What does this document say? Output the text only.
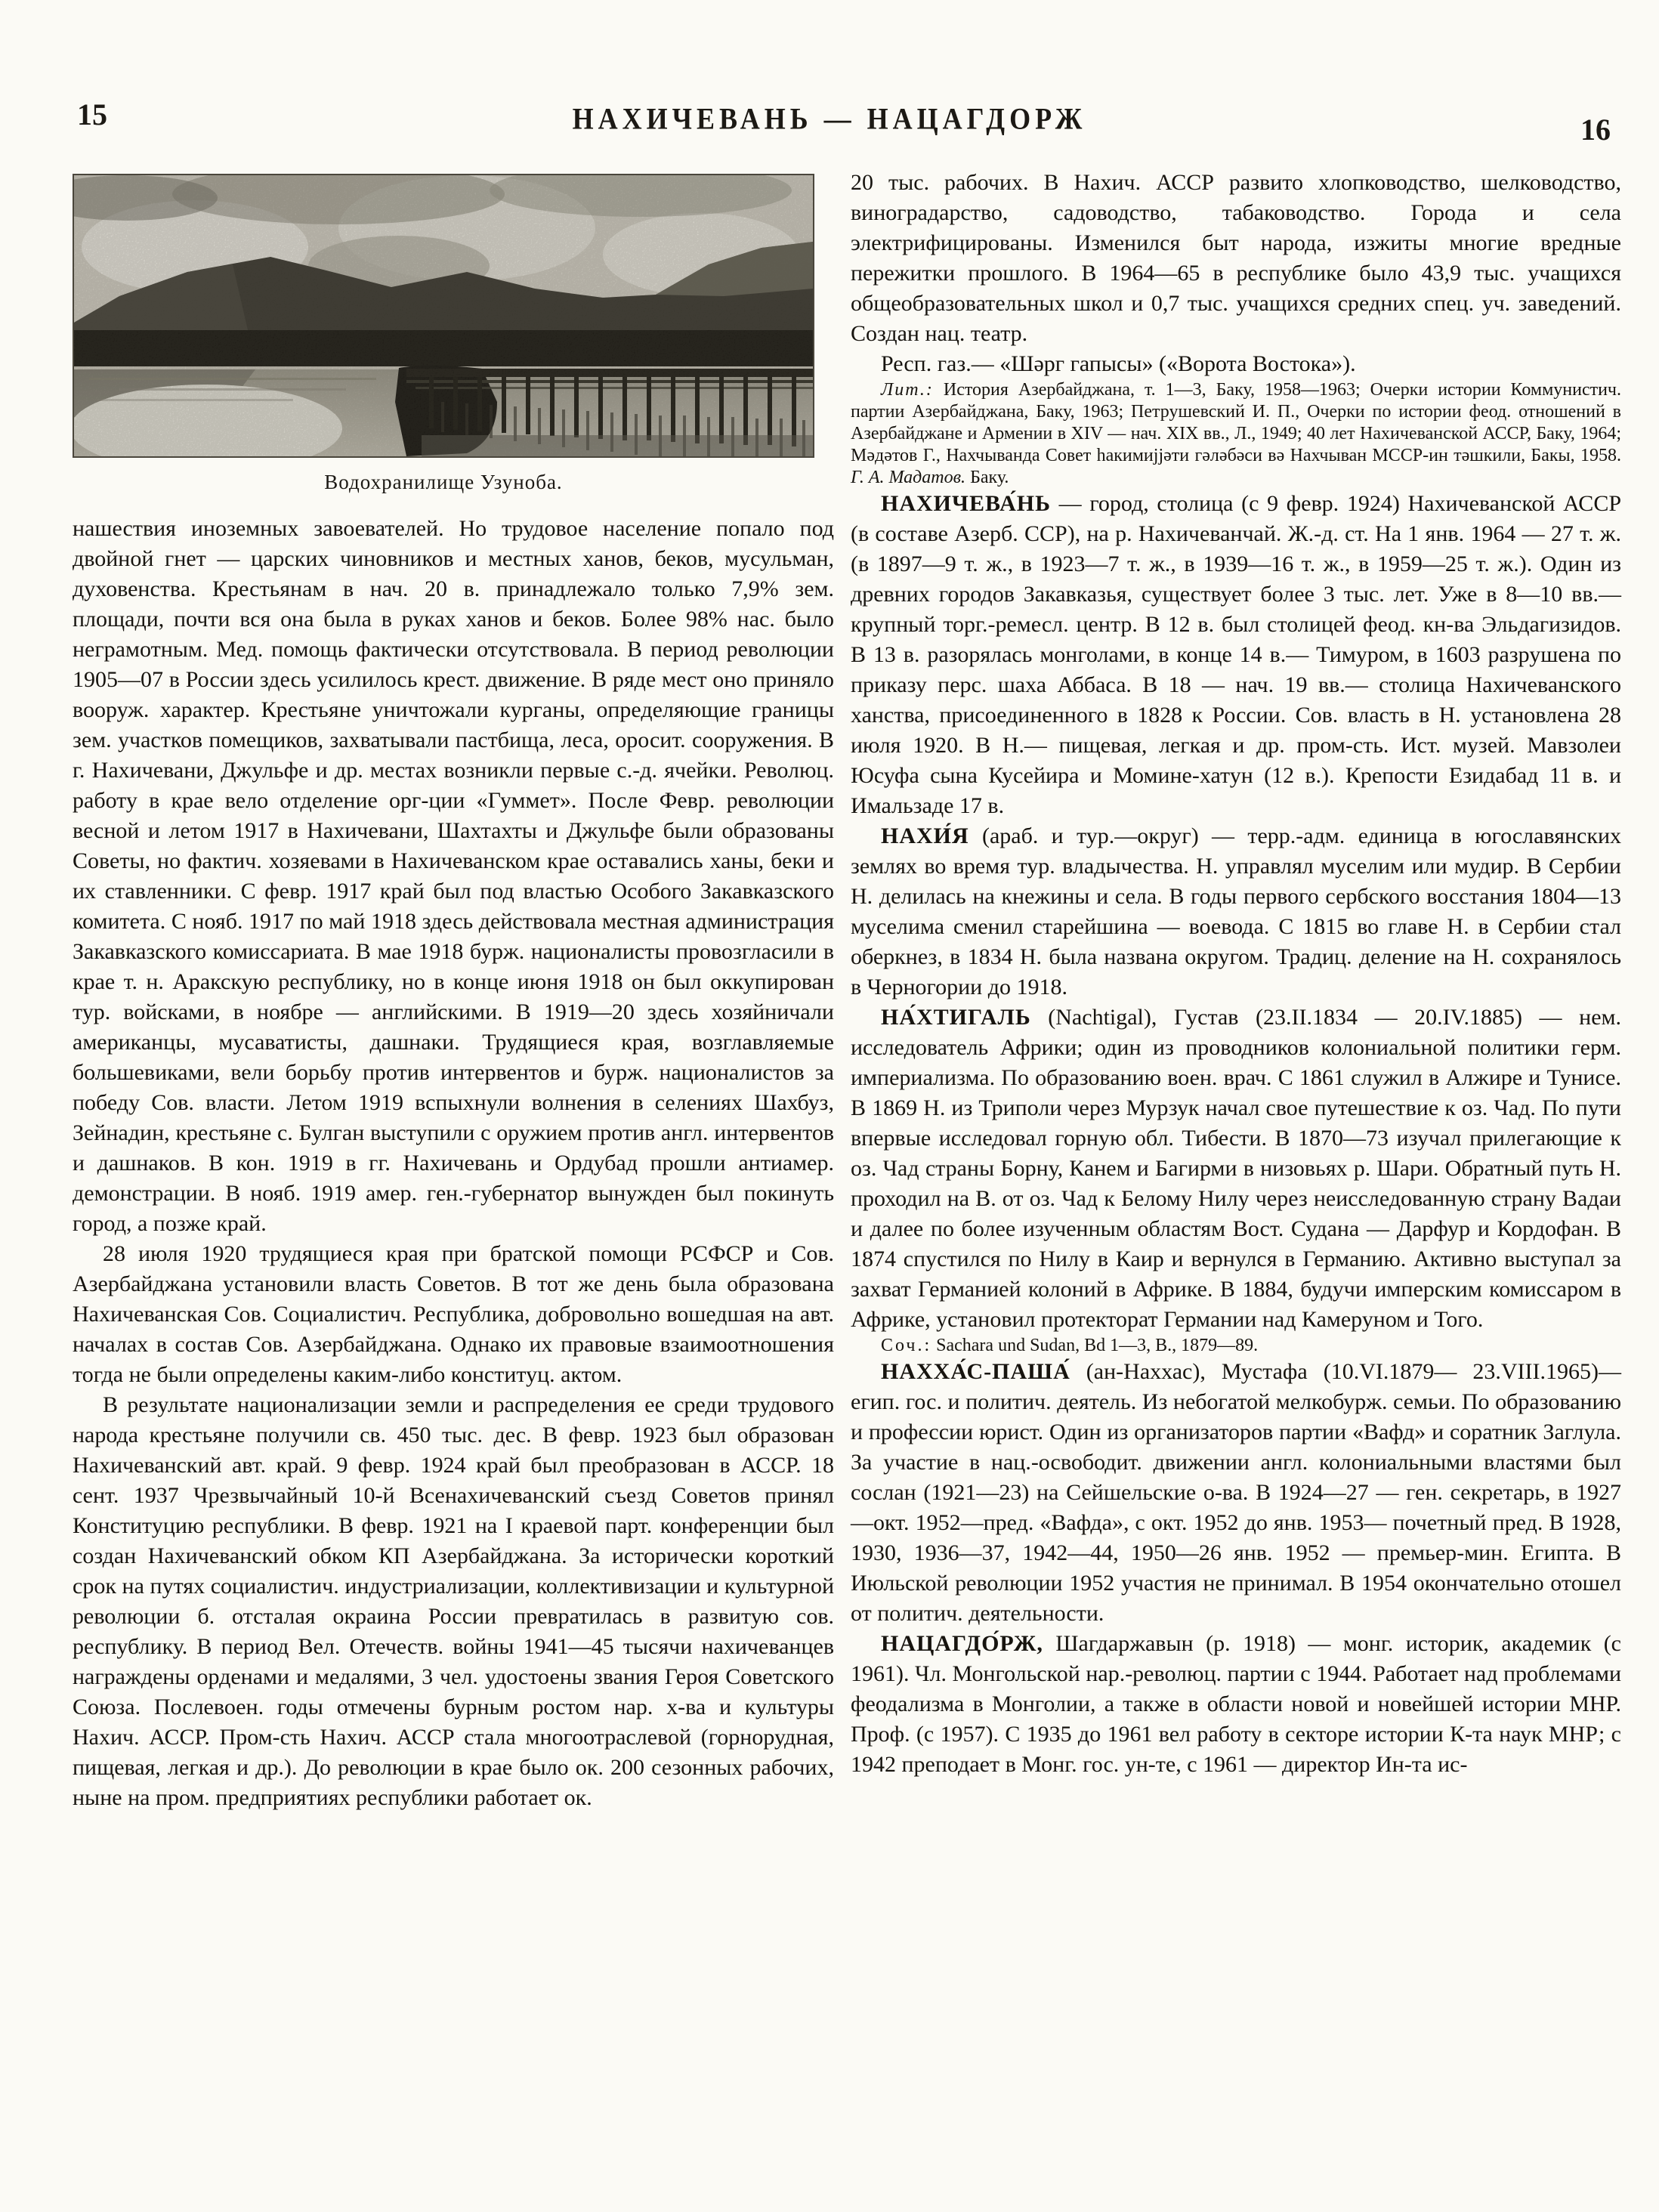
15	НАХИЧЕВАНЬ — НАЦАГДОРЖ	16
Водохранилище Узуноба.

нашествия иноземных завоевателей. Но трудовое население попало под двойной гнет — царских чиновников и местных ханов, беков, мусульман, духовенства. Крестьянам в нач. 20 в. принадлежало только 7,9% зем. площади, почти вся она была в руках ханов и беков. Более 98% нас. было неграмотным. Мед. помощь фактически отсутствовала. В период революции 1905—07 в России здесь усилилось крест. движение. В ряде мест оно приняло вооруж. характер. Крестьяне уничтожали курганы, определяющие границы зем. участков помещиков, захватывали пастбища, леса, оросит. сооружения. В г. Нахичевани, Джульфе и др. местах возникли первые с.-д. ячейки. Революц. работу в крае вело отделение орг-ции «Гуммет». После Февр. революции весной и летом 1917 в Нахичевани, Шахтахты и Джульфе были образованы Советы, но фактич. хозяевами в Нахичеванском крае оставались ханы, беки и их ставленники. С февр. 1917 край был под властью Особого Закавказского комитета. С нояб. 1917 по май 1918 здесь действовала местная администрация Закавказского комиссариата. В мае 1918 бурж. националисты провозгласили в крае т. н. Аракскую республику, но в конце июня 1918 он был оккупирован тур. войсками, в ноябре — английскими. В 1919—20 здесь хозяйничали американцы, мусаватисты, дашнаки. Трудящиеся края, возглавляемые большевиками, вели борьбу против интервентов и бурж. националистов за победу Сов. власти. Летом 1919 вспыхнули волнения в селениях Шахбуз, Зейнадин, крестьяне с. Булган выступили с оружием против англ. интервентов и дашнаков. В кон. 1919 в гг. Нахичевань и Ордубад прошли антиамер. демонстрации. В нояб. 1919 амер. ген.-губернатор вынужден был покинуть город, а позже край.

28 июля 1920 трудящиеся края при братской помощи РСФСР и Сов. Азербайджана установили власть Советов. В тот же день была образована Нахичеванская Сов. Социалистич. Республика, добровольно вошедшая на авт. началах в состав Сов. Азербайджана. Однако их правовые взаимоотношения тогда не были определены каким-либо конституц. актом.

В результате национализации земли и распределения ее среди трудового народа крестьяне получили св. 450 тыс. дес. В февр. 1923 был образован Нахичеванский авт. край. 9 февр. 1924 край был преобразован в АССР. 18 сент. 1937 Чрезвычайный 10-й Всенахичеванский съезд Советов принял Конституцию республики. В февр. 1921 на I краевой парт. конференции был создан Нахичеванский обком КП Азербайджана. За исторически короткий срок на путях социалистич. индустриализации, коллективизации и культурной революции б. отсталая окраина России превратилась в развитую сов. республику. В период Вел. Отечеств. войны 1941—45 тысячи нахичеванцев награждены орденами и медалями, 3 чел. удостоены звания Героя Советского Союза. Послевоен. годы отмечены бурным ростом нар. х-ва и культуры Нахич. АССР. Пром-сть Нахич. АССР стала многоотраслевой (горнорудная, пищевая, легкая и др.). До революции в крае было ок. 200 сезонных рабочих, ныне на пром. предприятиях республики работает ок.

20 тыс. рабочих. В Нахич. АССР развито хлопководство, шелководство, виноградарство, садоводство, табаководство. Города и села электрифицированы. Изменился быт народа, изжиты многие вредные пережитки прошлого. В 1964—65 в республике было 43,9 тыс. учащихся общеобразовательных школ и 0,7 тыс. учащихся средних спец. уч. заведений. Создан нац. театр.

Респ. газ.— «Шәрг гапысы» («Ворота Востока»).

Лит.: История Азербайджана, т. 1—3, Баку, 1958—1963; Очерки истории Коммунистич. партии Азербайджана, Баку, 1963; Петрушевский И. П., Очерки по истории феод. отношений в Азербайджане и Армении в XIV — нач. XIX вв., Л., 1949; 40 лет Нахичеванской АССР, Баку, 1964; Мәдәтов Г., Нахчыванда Совет һакимијјәти гәләбәси вә Нахчыван МССР-ин тәшкили, Бакы, 1958. Г. А. Мадатов. Баку.

НАХИЧЕВА́НЬ — город, столица (с 9 февр. 1924) Нахичеванской АССР (в составе Азерб. ССР), на р. Нахичеванчай. Ж.-д. ст. На 1 янв. 1964 — 27 т. ж. (в 1897—9 т. ж., в 1923—7 т. ж., в 1939—16 т. ж., в 1959—25 т. ж.). Один из древних городов Закавказья, существует более 3 тыс. лет. Уже в 8—10 вв.— крупный торг.-ремесл. центр. В 12 в. был столицей феод. кн-ва Эльдагизидов. В 13 в. разорялась монголами, в конце 14 в.— Тимуром, в 1603 разрушена по приказу перс. шаха Аббаса. В 18 — нач. 19 вв.— столица Нахичеванского ханства, присоединенного в 1828 к России. Сов. власть в Н. установлена 28 июля 1920. В Н.— пищевая, легкая и др. пром-сть. Ист. музей. Мавзолеи Юсуфа сына Кусейира и Момине-хатун (12 в.). Крепости Езидабад 11 в. и Имальзаде 17 в.

НАХИ́Я (араб. и тур.—округ) — терр.-адм. единица в югославянских землях во время тур. владычества. Н. управлял муселим или мудир. В Сербии Н. делилась на кнежины и села. В годы первого сербского восстания 1804—13 муселима сменил старейшина — воевода. С 1815 во главе Н. в Сербии стал оберкнез, в 1834 Н. была названа округом. Традиц. деление на Н. сохранялось в Черногории до 1918.

НА́ХТИГАЛЬ (Nachtigal), Густав (23.II.1834 — 20.IV.1885) — нем. исследователь Африки; один из проводников колониальной политики герм. империализма. По образованию воен. врач. С 1861 служил в Алжире и Тунисе. В 1869 Н. из Триполи через Мурзук начал свое путешествие к оз. Чад. По пути впервые исследовал горную обл. Тибести. В 1870—73 изучал прилегающие к оз. Чад страны Борну, Канем и Багирми в низовьях р. Шари. Обратный путь Н. проходил на В. от оз. Чад к Белому Нилу через неисследованную страну Вадаи и далее по более изученным областям Вост. Судана — Дарфур и Кордофан. В 1874 спустился по Нилу в Каир и вернулся в Германию. Активно выступал за захват Германией колоний в Африке. В 1884, будучи имперским комиссаром в Африке, установил протекторат Германии над Камеруном и Того.

Соч.: Sachara und Sudan, Bd 1—3, B., 1879—89.

НАХХА́С-ПАША́ (ан-Наххас), Мустафа (10.VI.1879— 23.VIII.1965)—егип. гос. и политич. деятель. Из небогатой мелкобурж. семьи. По образованию и профессии юрист. Один из организаторов партии «Вафд» и соратник Заглула. За участие в нац.-освободит. движении англ. колониальными властями был сослан (1921—23) на Сейшельские о-ва. В 1924—27 — ген. секретарь, в 1927—окт. 1952—пред. «Вафда», с окт. 1952 до янв. 1953— почетный пред. В 1928, 1930, 1936—37, 1942—44, 1950—26 янв. 1952 — премьер-мин. Египта. В Июльской революции 1952 участия не принимал. В 1954 окончательно отошел от политич. деятельности.

НАЦАГДО́РЖ, Шагдаржавын (р. 1918) — монг. историк, академик (с 1961). Чл. Монгольской нар.-революц. партии с 1944. Работает над проблемами феодализма в Монголии, а также в области новой и новейшей истории МНР. Проф. (с 1957). С 1935 до 1961 вел работу в секторе истории К-та наук МНР; с 1942 преподает в Монг. гос. ун-те, с 1961 — директор Ин-та ис-
